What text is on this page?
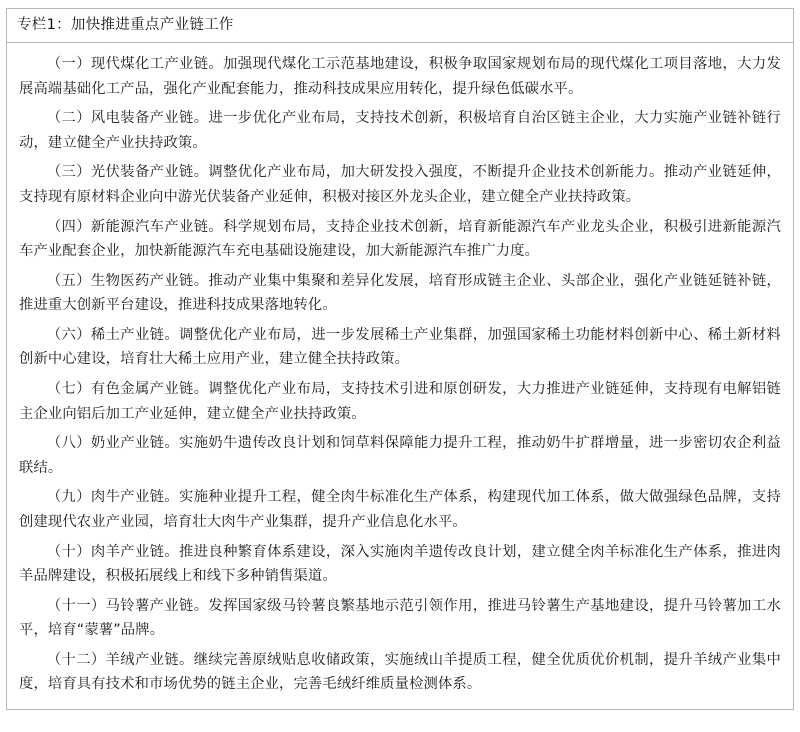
专栏1：加快推进重点产业链工作

（一）现代煤化工产业链。加强现代煤化工示范基地建设，积极争取国家规划布局的现代煤化工项目落地，大力发展高端基础化工产品，强化产业配套能力，推动科技成果应用转化，提升绿色低碳水平。

（二）风电装备产业链。进一步优化产业布局，支持技术创新，积极培育自治区链主企业，大力实施产业链补链行动，建立健全产业扶持政策。

（三）光伏装备产业链。调整优化产业布局，加大研发投入强度，不断提升企业技术创新能力。推动产业链延伸，支持现有原材料企业向中游光伏装备产业延伸，积极对接区外龙头企业，建立健全产业扶持政策。

（四）新能源汽车产业链。科学规划布局，支持企业技术创新，培育新能源汽车产业龙头企业，积极引进新能源汽车产业配套企业，加快新能源汽车充电基础设施建设，加大新能源汽车推广力度。

（五）生物医药产业链。推动产业集中集聚和差异化发展，培育形成链主企业、头部企业，强化产业链延链补链，推进重大创新平台建设，推进科技成果落地转化。

（六）稀土产业链。调整优化产业布局，进一步发展稀土产业集群，加强国家稀土功能材料创新中心、稀土新材料创新中心建设，培育壮大稀土应用产业，建立健全扶持政策。

（七）有色金属产业链。调整优化产业布局，支持技术引进和原创研发，大力推进产业链延伸，支持现有电解铝链主企业向铝后加工产业延伸，建立健全产业扶持政策。

（八）奶业产业链。实施奶牛遗传改良计划和饲草料保障能力提升工程，推动奶牛扩群增量，进一步密切农企利益联结。

（九）肉牛产业链。实施种业提升工程，健全肉牛标准化生产体系，构建现代加工体系，做大做强绿色品牌，支持创建现代农业产业园，培育壮大肉牛产业集群，提升产业信息化水平。

（十）肉羊产业链。推进良种繁育体系建设，深入实施肉羊遗传改良计划，建立健全肉羊标准化生产体系，推进肉羊品牌建设，积极拓展线上和线下多种销售渠道。

（十一）马铃薯产业链。发挥国家级马铃薯良繁基地示范引领作用，推进马铃薯生产基地建设，提升马铃薯加工水平，培育“蒙薯”品牌。

（十二）羊绒产业链。继续完善原绒贴息收储政策，实施绒山羊提质工程，健全优质优价机制，提升羊绒产业集中度，培育具有技术和市场优势的链主企业，完善毛绒纤维质量检测体系。
